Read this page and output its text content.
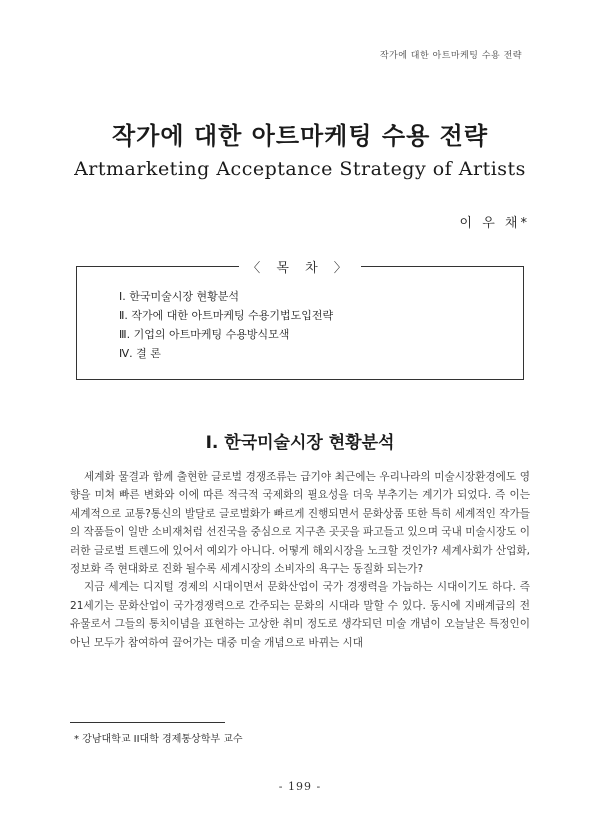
작가에 대한 아트마케팅 수용 전략
작가에 대한 아트마케팅 수용 전략
Artmarketing Acceptance Strategy of Artists
이 우 채*
〈 목 차 〉
Ⅰ. 한국미술시장 현황분석
Ⅱ. 작가에 대한 아트마케팅 수용기법도입전략
Ⅲ. 기업의 아트마케팅 수용방식모색
Ⅳ. 결 론
Ⅰ. 한국미술시장 현황분석

세계화 물결과 함께 출현한 글로벌 경쟁조류는 급기야 최근에는 우리나라의 미술시장환경에도 영향을 미쳐 빠른 변화와 이에 따른 적극적 국제화의 필요성을 더욱 부추기는 계기가 되었다. 즉 이는 세계적으로 교통?통신의 발달로 글로벌화가 빠르게 진행되면서 문화상품 또한 특히 세계적인 작가들의 작품들이 일반 소비재처럼 선진국을 중심으로 지구촌 곳곳을 파고들고 있으며 국내 미술시장도 이러한 글로벌 트렌드에 있어서 예외가 아니다. 어떻게 해외시장을 노크할 것인가? 세계사회가 산업화, 정보화 즉 현대화로 진화 될수록 세계시장의 소비자의 욕구는 동질화 되는가?

지금 세계는 디지털 경제의 시대이면서 문화산업이 국가 경쟁력을 가늠하는 시대이기도 하다. 즉 21세기는 문화산업이 국가경쟁력으로 간주되는 문화의 시대라 말할 수 있다. 동시에 지배계급의 전유물로서 그들의 통치이념을 표현하는 고상한 취미 정도로 생각되던 미술 개념이 오늘날은 특정인이 아닌 모두가 참여하여 끌어가는 대중 미술 개념으로 바뀌는 시대

* 강남대학교 II대학 경제통상학부 교수
- 199 -
